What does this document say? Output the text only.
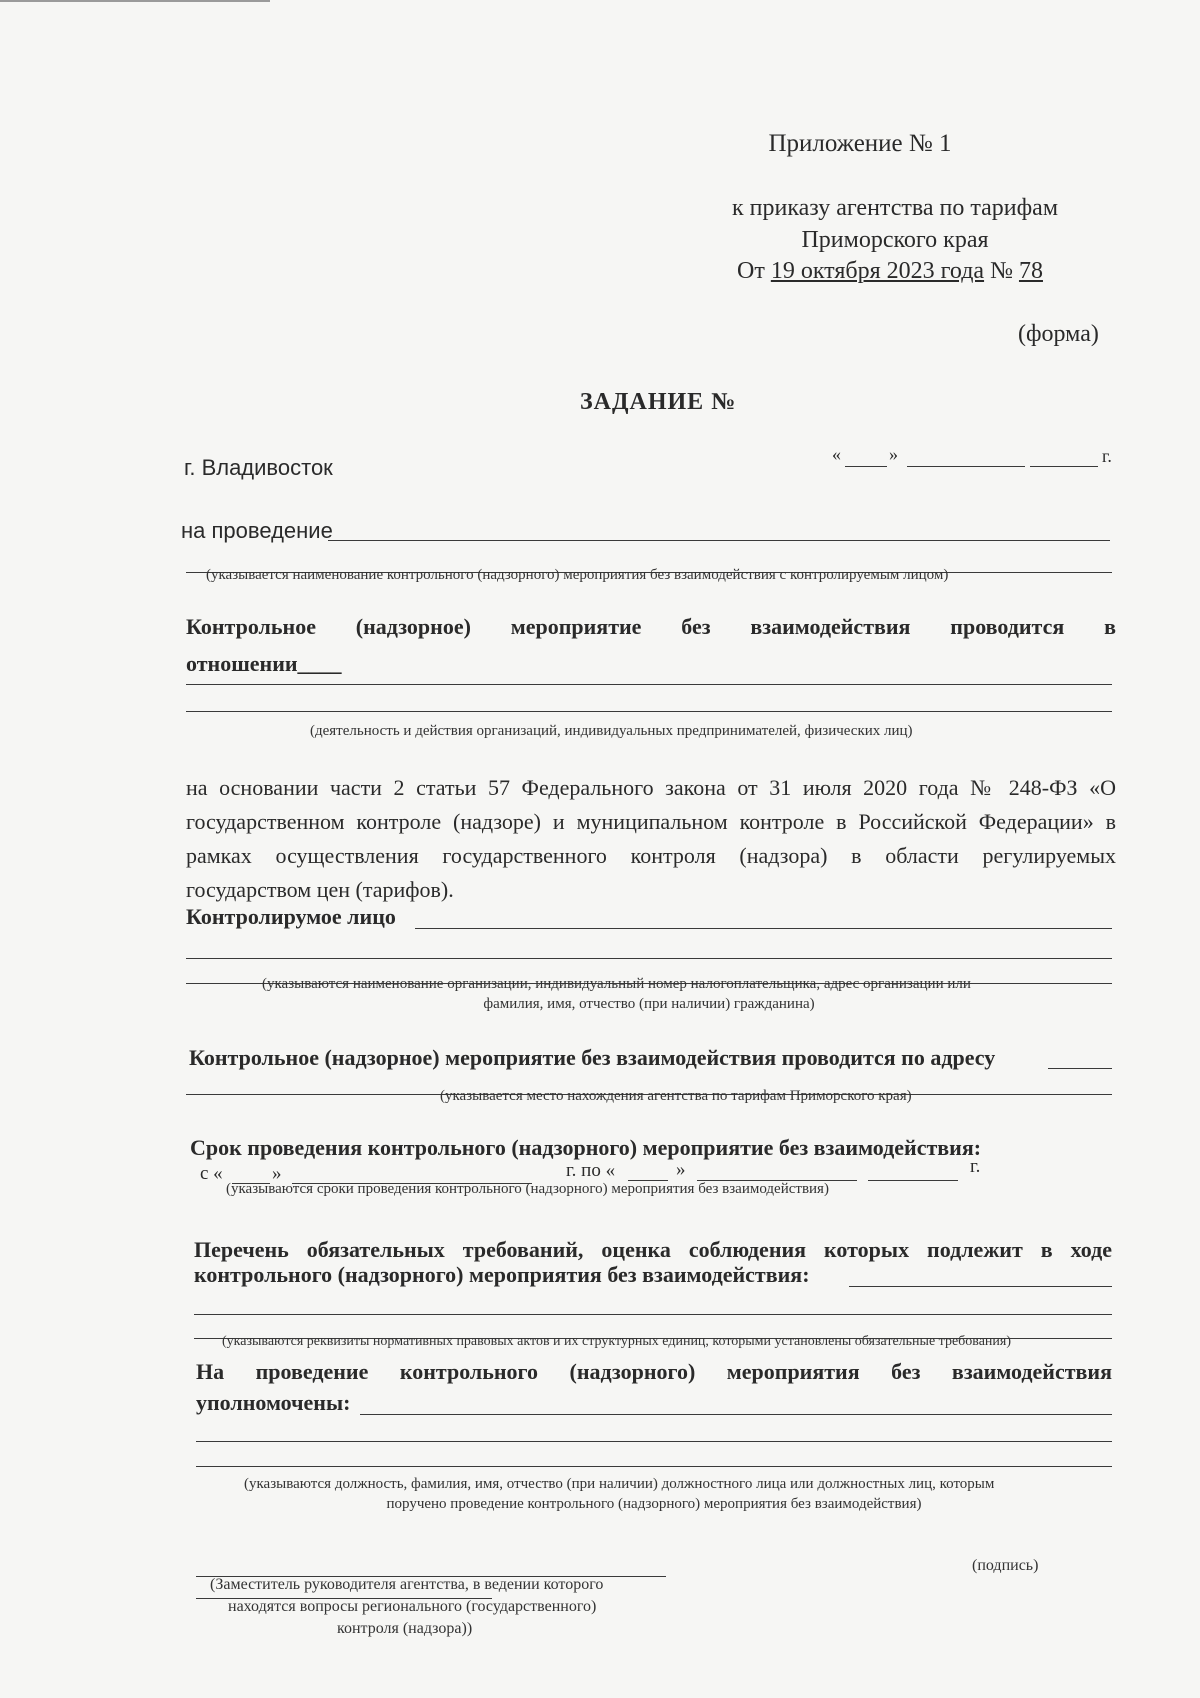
Приложение № 1
к приказу агентства по тарифам
Приморского края
От 19 октября 2023 года № 78
(форма)
ЗАДАНИЕ №
г. Владивосток
«	»	г.
на проведение
(указывается наименование контрольного (надзорного) мероприятия без взаимодействия с контролируемым лицом)
Контрольное (надзорное) мероприятие без взаимодействия проводится в
отношении____
(деятельность и действия организаций, индивидуальных предпринимателей, физических лиц)
на основании части 2 статьи 57 Федерального закона от 31 июля 2020 года № 248-ФЗ «О
государственном контроле (надзоре) и муниципальном контроле в Российской Федерации» в
рамках осуществления государственного контроля (надзора) в области регулируемых
государством цен (тарифов).
Контролирумое лицо
(указываются наименование организации, индивидуальный номер налогоплательщика, адрес организации или
фамилия, имя, отчество (при наличии) гражданина)
Контрольное (надзорное) мероприятие без взаимодействия проводится по адресу
(указывается место нахождения агентства по тарифам Приморского края)
Срок проведения контрольного (надзорного) мероприятие без взаимодействия:
с «	»	г. по «	»	г.
(указываются сроки проведения контрольного (надзорного) мероприятия без взаимодействия)
Перечень обязательных требований, оценка соблюдения которых подлежит в ходе
контрольного (надзорного) мероприятия без взаимодействия:
(указываются реквизиты нормативных правовых актов и их структурных единиц, которыми установлены обязательные требования)
На проведение контрольного (надзорного) мероприятия без взаимодействия
уполномочены:
(указываются должность, фамилия, имя, отчество (при наличии) должностного лица или должностных лиц, которым
поручено проведение контрольного (надзорного) мероприятия без взаимодействия)
(Заместитель руководителя агентства, в ведении которого
находятся вопросы регионального (государственного)
контроля (надзора))
(подпись)
